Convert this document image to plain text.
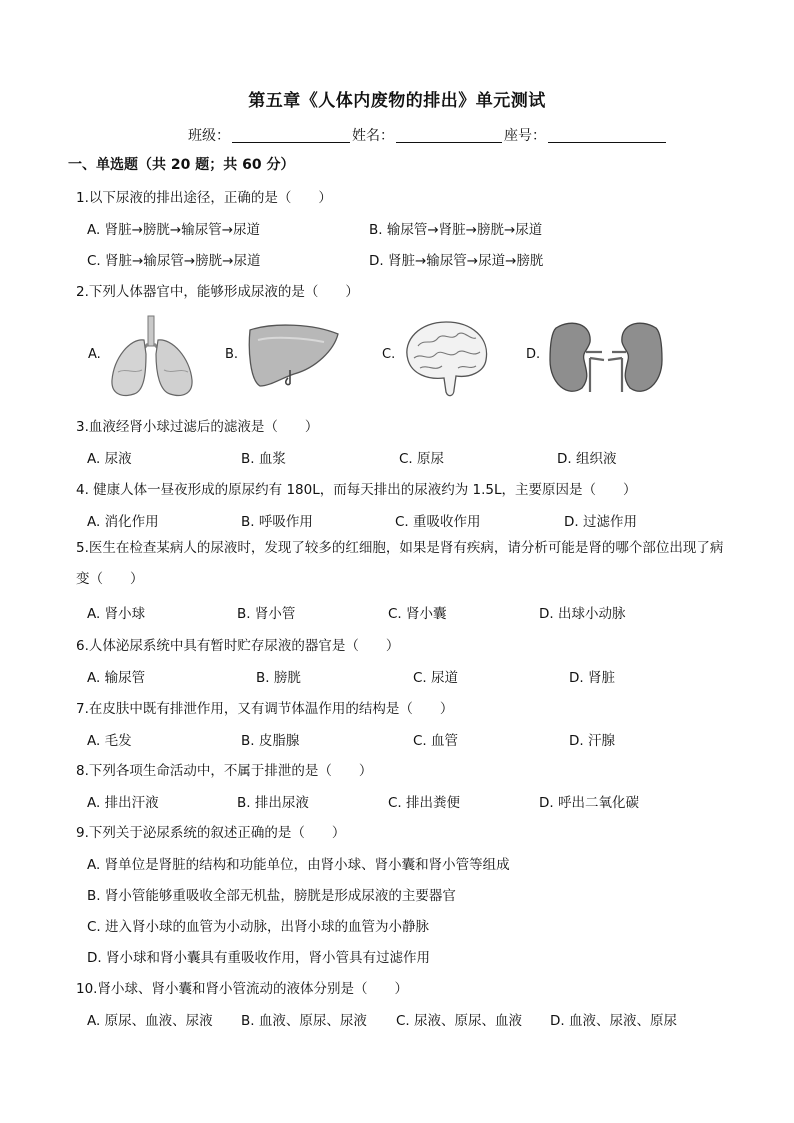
第五章《人体内废物的排出》单元测试
班级：	姓名：	座号：
一、单选题（共 20 题；共 60 分）
1.以下尿液的排出途径，正确的是（　　）
A. 肾脏→膀胱→输尿管→尿道	B. 输尿管→肾脏→膀胱→尿道
C. 肾脏→输尿管→膀胱→尿道	D. 肾脏→输尿管→尿道→膀胱
2.下列人体器官中，能够形成尿液的是（　　）
A.	B.	C.	D.
3.血液经肾小球过滤后的滤液是（　　）
A. 尿液	B. 血浆	C. 原尿	D. 组织液
4. 健康人体一昼夜形成的原尿约有 180L，而每天排出的尿液约为 1.5L，主要原因是（　　）
A. 消化作用	B. 呼吸作用	C. 重吸收作用	D. 过滤作用
5.医生在检查某病人的尿液时，发现了较多的红细胞，如果是肾有疾病，请分析可能是肾的哪个部位出现了病变（　　）
A. 肾小球	B. 肾小管	C. 肾小囊	D. 出球小动脉
6.人体泌尿系统中具有暂时贮存尿液的器官是（　　）
A. 输尿管	B. 膀胱	C. 尿道	D. 肾脏
7.在皮肤中既有排泄作用，又有调节体温作用的结构是（　　）
A. 毛发	B. 皮脂腺	C. 血管	D. 汗腺
8.下列各项生命活动中，不属于排泄的是（　　）
A. 排出汗液	B. 排出尿液	C. 排出粪便	D. 呼出二氧化碳
9.下列关于泌尿系统的叙述正确的是（　　）
A. 肾单位是肾脏的结构和功能单位，由肾小球、肾小囊和肾小管等组成
B. 肾小管能够重吸收全部无机盐，膀胱是形成尿液的主要器官
C. 进入肾小球的血管为小动脉，出肾小球的血管为小静脉
D. 肾小球和肾小囊具有重吸收作用，肾小管具有过滤作用
10.肾小球、肾小囊和肾小管流动的液体分别是（　　）
A. 原尿、血液、尿液 B. 血液、原尿、尿液 C. 尿液、原尿、血液 D. 血液、尿液、原尿
